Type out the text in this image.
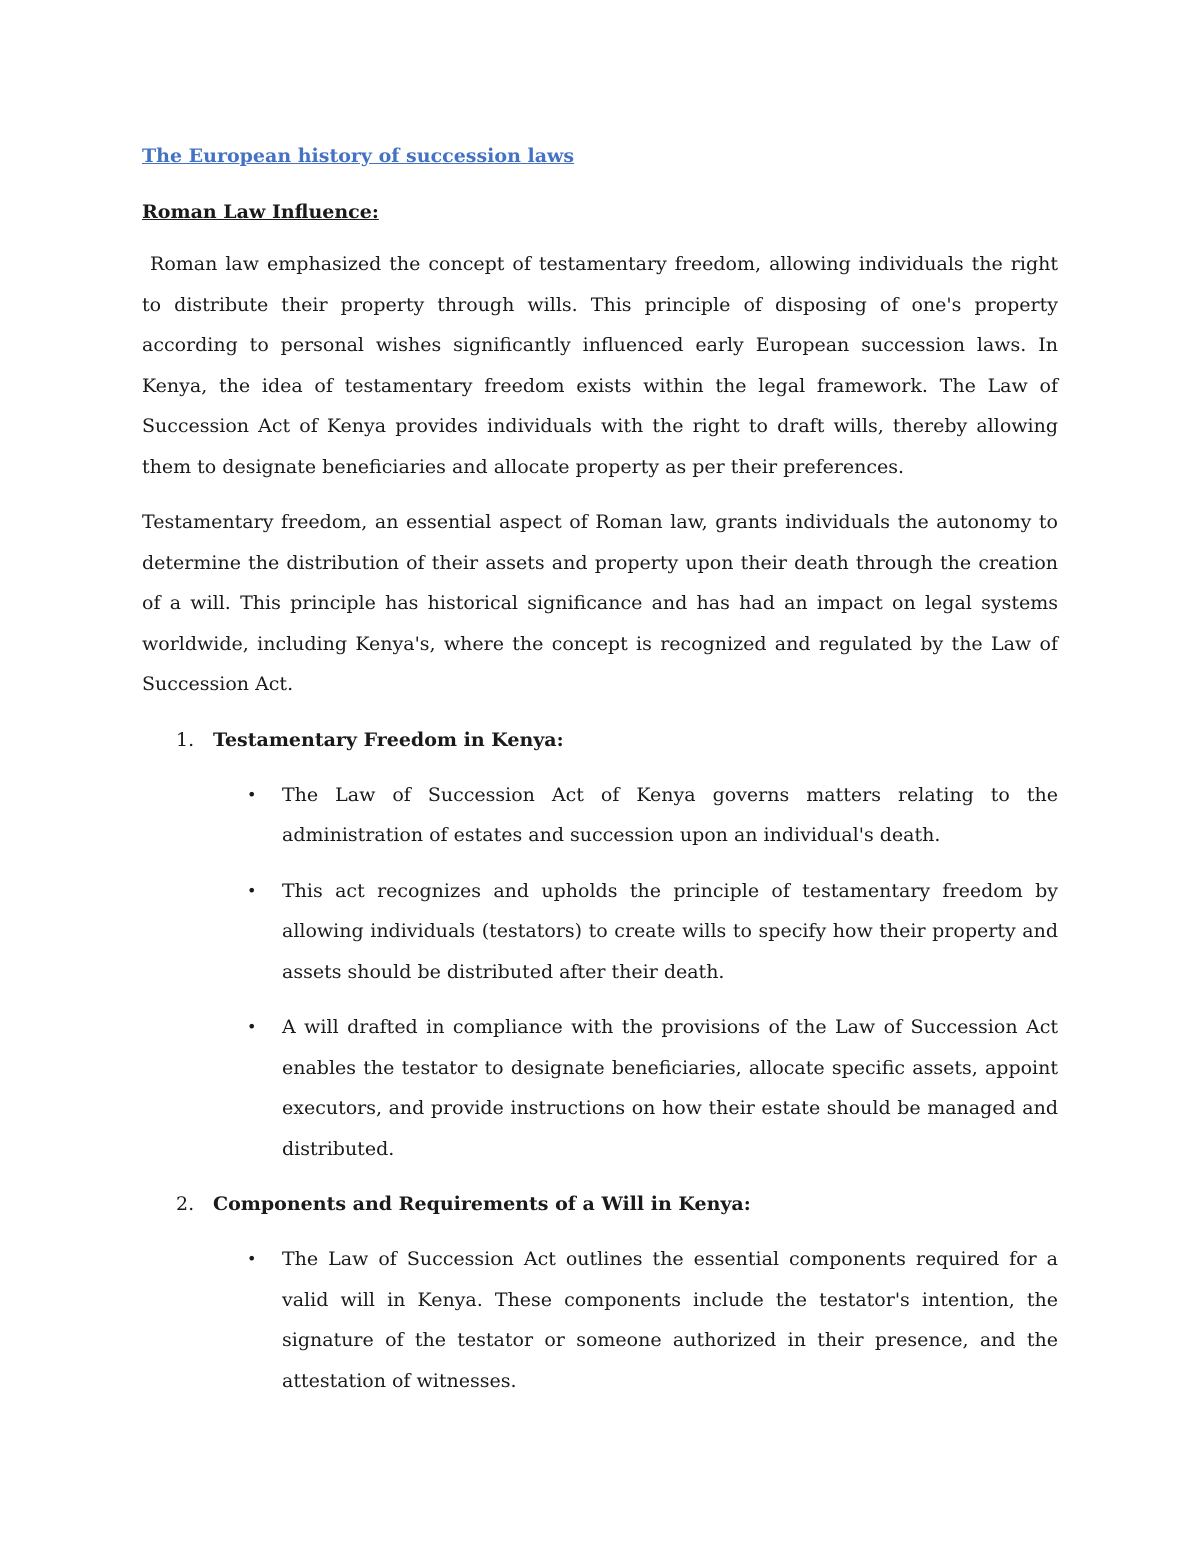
The European history of succession laws
Roman Law Influence:

Roman law emphasized the concept of testamentary freedom, allowing individuals the right to distribute their property through wills. This principle of disposing of one's property according to personal wishes significantly influenced early European succession laws. In Kenya, the idea of testamentary freedom exists within the legal framework. The Law of Succession Act of Kenya provides individuals with the right to draft wills, thereby allowing them to designate beneficiaries and allocate property as per their preferences.

Testamentary freedom, an essential aspect of Roman law, grants individuals the autonomy to determine the distribution of their assets and property upon their death through the creation of a will. This principle has historical significance and has had an impact on legal systems worldwide, including Kenya's, where the concept is recognized and regulated by the Law of Succession Act.

1. Testamentary Freedom in Kenya:
• The Law of Succession Act of Kenya governs matters relating to the administration of estates and succession upon an individual's death.
• This act recognizes and upholds the principle of testamentary freedom by allowing individuals (testators) to create wills to specify how their property and assets should be distributed after their death.
• A will drafted in compliance with the provisions of the Law of Succession Act enables the testator to designate beneficiaries, allocate specific assets, appoint executors, and provide instructions on how their estate should be managed and distributed.
2. Components and Requirements of a Will in Kenya:
• The Law of Succession Act outlines the essential components required for a valid will in Kenya. These components include the testator's intention, the signature of the testator or someone authorized in their presence, and the attestation of witnesses.
